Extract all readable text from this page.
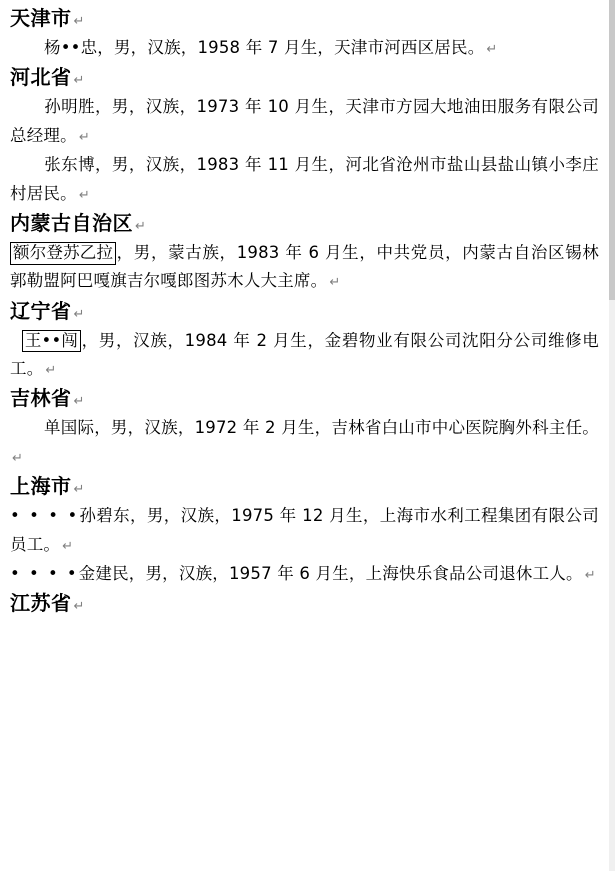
天津市 ↵
杨••忠，男，汉族，1958 年 7 月生，天津市河西区居民。 ↵
河北省 ↵
孙明胜，男，汉族，1973 年 10 月生，天津市方园大地油田服务有限公司总经理。 ↵
张东博，男，汉族，1983 年 11 月生，河北省沧州市盐山县盐山镇小李庄村居民。 ↵
内蒙古自治区 ↵
额尔登苏乙拉 ，男，蒙古族，1983 年 6 月生，中共党员，内蒙古自治区锡林郭勒盟阿巴嘎旗吉尔嘎郎图苏木人大主席。 ↵
辽宁省 ↵
王••闯 ，男，汉族，1984 年 2 月生，金碧物业有限公司沈阳分公司维修电工。 ↵
吉林省 ↵
单国际，男，汉族，1972 年 2 月生，吉林省白山市中心医院胸外科主任。↵
上海市 ↵
• • • •孙碧东，男，汉族，1975 年 12 月生，上海市水利工程集团有限公司员工。 ↵
• • • •金建民，男，汉族，1957 年 6 月生，上海快乐食品公司退休工人。 ↵
江苏省 ↵
